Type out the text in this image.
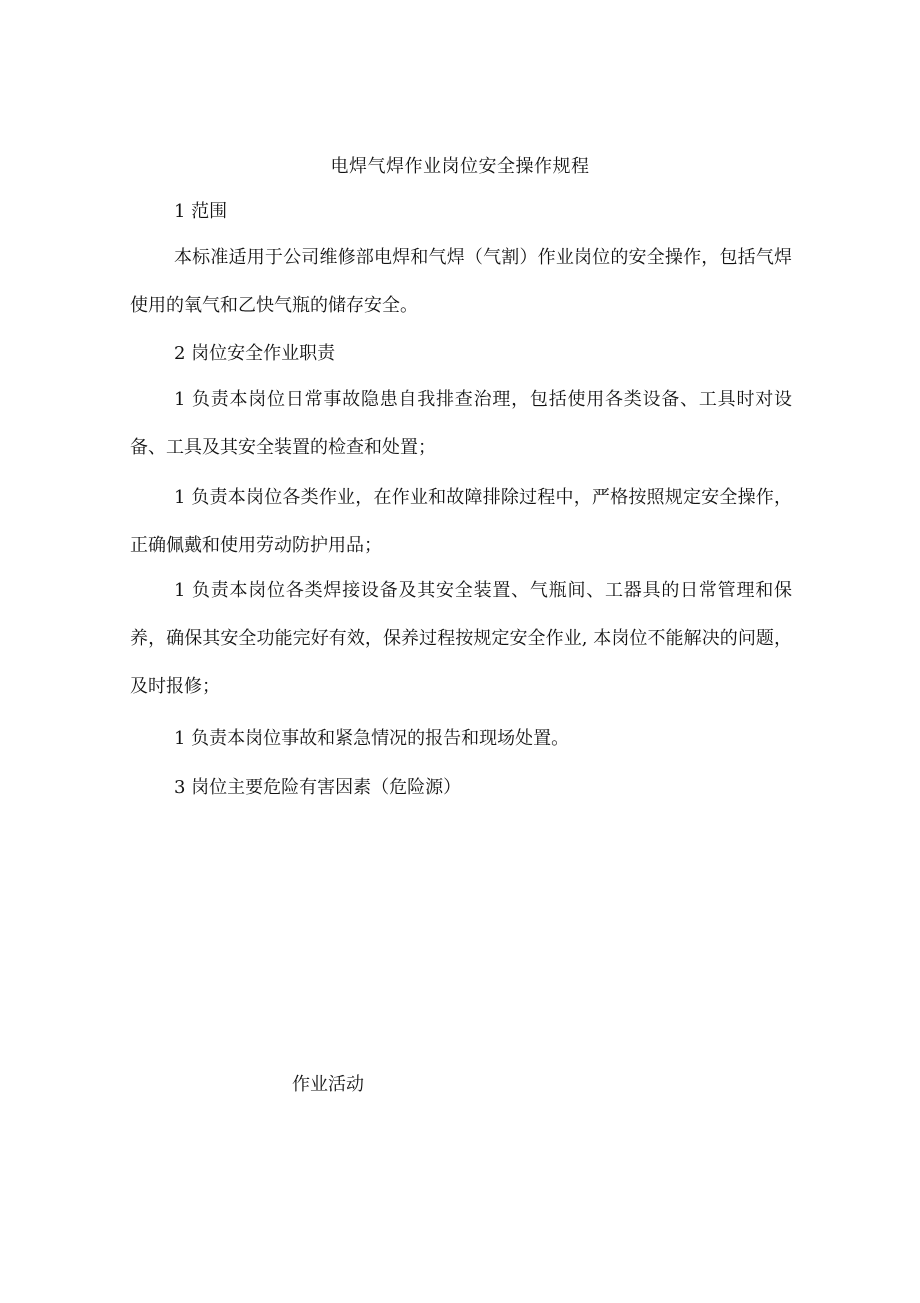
电焊气焊作业岗位安全操作规程
1 范围
本标准适用于公司维修部电焊和气焊（气割）作业岗位的安全操作，包括气焊使用的氧气和乙快气瓶的储存安全。
2 岗位安全作业职责
1 负责本岗位日常事故隐患自我排查治理，包括使用各类设备、工具时对设备、工具及其安全装置的检查和处置；
1 负责本岗位各类作业，在作业和故障排除过程中，严格按照规定安全操作，正确佩戴和使用劳动防护用品；
1 负责本岗位各类焊接设备及其安全装置、气瓶间、工器具的日常管理和保养，确保其安全功能完好有效，保养过程按规定安全作业, 本岗位不能解决的问题，及时报修；
1 负责本岗位事故和紧急情况的报告和现场处置。
3 岗位主要危险有害因素（危险源）
作业活动
